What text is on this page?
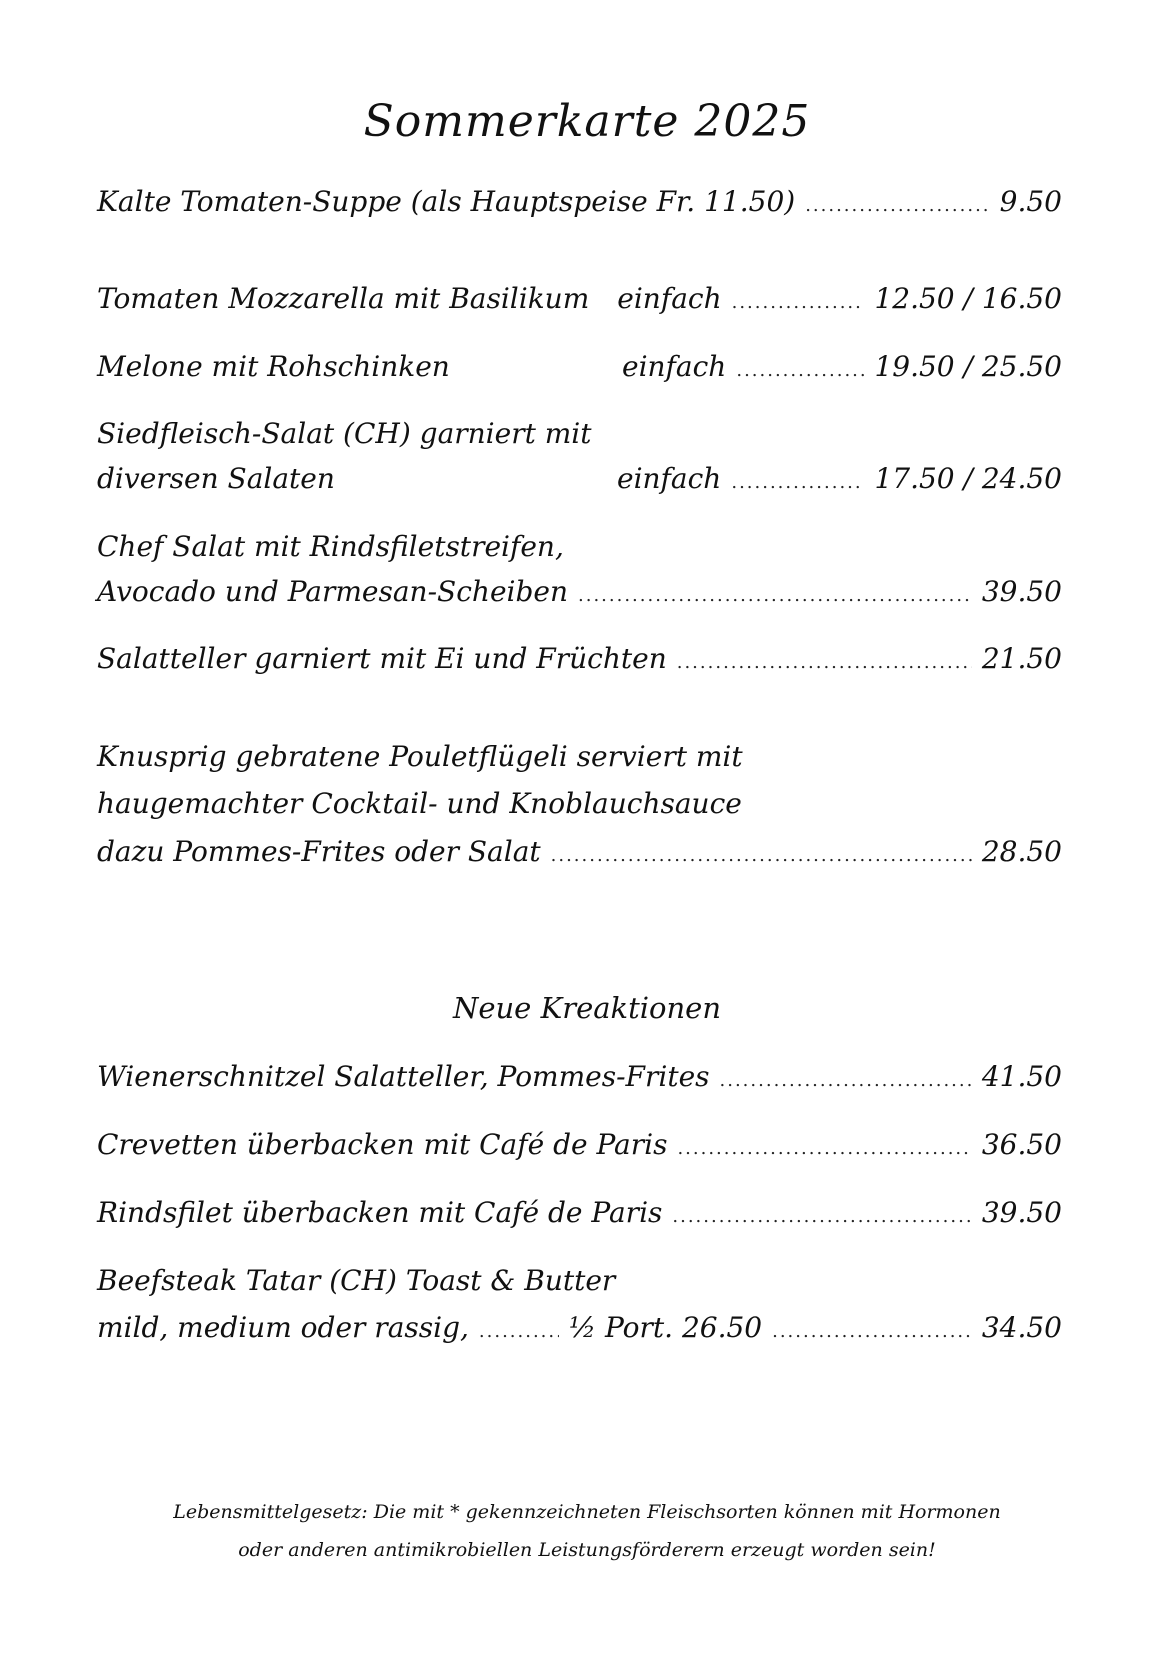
Sommerkarte 2025
Kalte Tomaten-Suppe (als Hauptspeise Fr. 11.50) .....	9.50
Tomaten Mozzarella mit Basilikum einfach .....	12.50 / 16.50
Melone mit Rohschinken	einfach .....	19.50 / 25.50
Siedfleisch-Salat (CH) garniert mit
diversen Salaten	einfach .....	17.50 / 24.50
Chef Salat mit Rindsfiletstreifen,
Avocado und Parmesan-Scheiben .....	39.50
Salatteller garniert mit Ei und Früchten .....	21.50
Knusprig gebratene Pouletflügeli serviert mit
haugemachter Cocktail- und Knoblauchsauce
dazu Pommes-Frites oder Salat .....	28.50
Neue Kreaktionen
Wienerschnitzel Salatteller, Pommes-Frites .....	41.50
Crevetten überbacken mit Café de Paris .....	36.50
Rindsfilet überbacken mit Café de Paris .....	39.50
Beefsteak Tatar (CH) Toast & Butter
mild, medium oder rassig, .....	½ Port. 26.50 .....	34.50
Lebensmittelgesetz: Die mit * gekennzeichneten Fleischsorten können mit Hormonen
oder anderen antimikrobiellen Leistungsförderern erzeugt worden sein!
